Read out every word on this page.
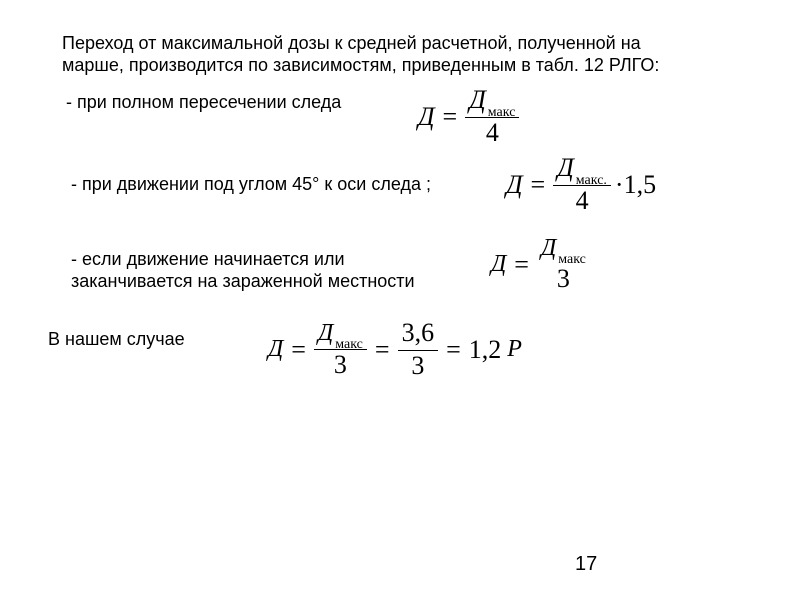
Переход от максимальной дозы к средней расчетной, полученной на
марше, производится по зависимостям, приведенным в табл. 12 РЛГО:
- при полном пересечении следа	$Д = \frac{\text{Д макс}}{4}$
- при движении под углом 45° к оси следа ;	$Д = \frac{\text{Д макс.}}{4} \cdot 1,5$
- если движение начинается или
заканчивается на зараженной местности
Д =
Д макс
3
В нашем случае	$Д = \frac{\text{Д макс}}{3} = \frac{3,6}{3} = 1,2$ Р
17
